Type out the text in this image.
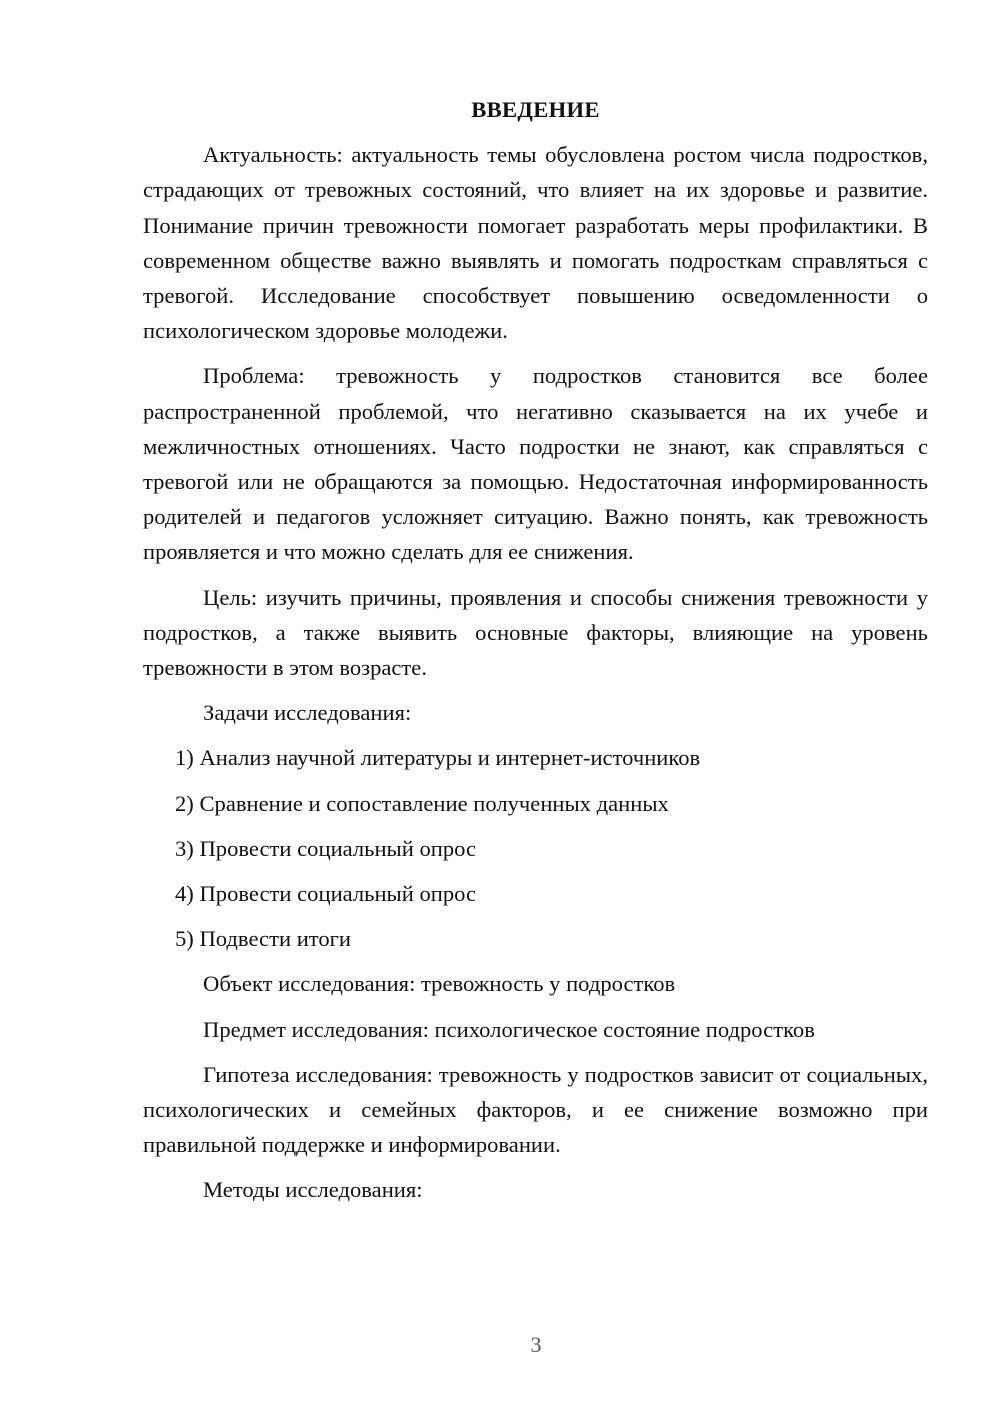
ВВЕДЕНИЕ
Актуальность: актуальность темы обусловлена ростом числа подростков, страдающих от тревожных состояний, что влияет на их здоровье и развитие. Понимание причин тревожности помогает разработать меры профилактики. В современном обществе важно выявлять и помогать подросткам справляться с тревогой. Исследование способствует повышению осведомленности о психологическом здоровье молодежи.
Проблема: тревожность у подростков становится все более распространенной проблемой, что негативно сказывается на их учебе и межличностных отношениях. Часто подростки не знают, как справляться с тревогой или не обращаются за помощью. Недостаточная информированность родителей и педагогов усложняет ситуацию. Важно понять, как тревожность проявляется и что можно сделать для ее снижения.
Цель: изучить причины, проявления и способы снижения тревожности у подростков, а также выявить основные факторы, влияющие на уровень тревожности в этом возрасте.
Задачи исследования:
1) Анализ научной литературы и интернет-источников
2) Сравнение и сопоставление полученных данных
3) Провести социальный опрос
4) Провести социальный опрос
5) Подвести итоги
Объект исследования: тревожность у подростков
Предмет исследования: психологическое состояние подростков
Гипотеза исследования: тревожность у подростков зависит от социальных, психологических и семейных факторов, и ее снижение возможно при правильной поддержке и информировании.
Методы исследования:
3
